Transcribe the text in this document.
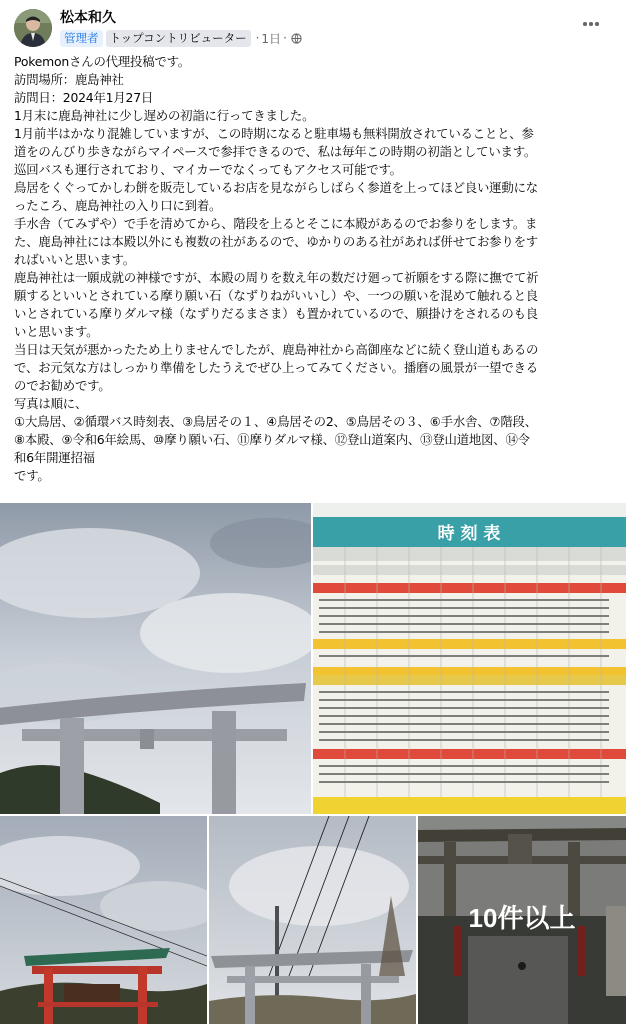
松本和久
管理者 トップコントリビューター · 1日 ·
Pokemonさんの代理投稿です。
訪問場所：鹿島神社
訪問日：2024年1月27日
1月末に鹿島神社に少し遅めの初詣に行ってきました。
1月前半はかなり混雑していますが、この時期になると駐車場も無料開放されていることと、参
道をのんびり歩きながらマイペースで参拝できるので、私は毎年この時期の初詣としています。
巡回バスも運行されており、マイカーでなくってもアクセス可能です。
鳥居をくぐってかしわ餅を販売しているお店を見ながらしばらく参道を上ってほど良い運動にな
ったころ、鹿島神社の入り口に到着。
手水舎（てみずや）で手を清めてから、階段を上るとそこに本殿があるのでお参りをします。ま
た、鹿島神社には本殿以外にも複数の社があるので、ゆかりのある社があれば併せてお参りをす
ればいいと思います。
鹿島神社は一願成就の神様ですが、本殿の周りを数え年の数だけ廻って祈願をする際に撫でて祈
願するといいとされている摩り願い石（なずりねがいいし）や、一つの願いを混めて触れると良
いとされている摩りダルマ様（なずりだるまさま）も置かれているので、願掛けをされるのも良
いと思います。
当日は天気が悪かったため上りませんでしたが、鹿島神社から高御座などに続く登山道もあるの
で、お元気な方はしっかり準備をしたうえでぜひ上ってみてください。播磨の風景が一望できる
のでお勧めです。
写真は順に、
①大鳥居、②循環バス時刻表、③鳥居その１、④鳥居その2、⑤鳥居その３、⑥手水舎、⑦階段、
⑧本殿、⑨令和6年絵馬、⑩摩り願い石、⑪摩りダルマ様、⑫登山道案内、⑬登山道地図、⑭令
和6年開運招福
です。
時 刻 表
10件以上
